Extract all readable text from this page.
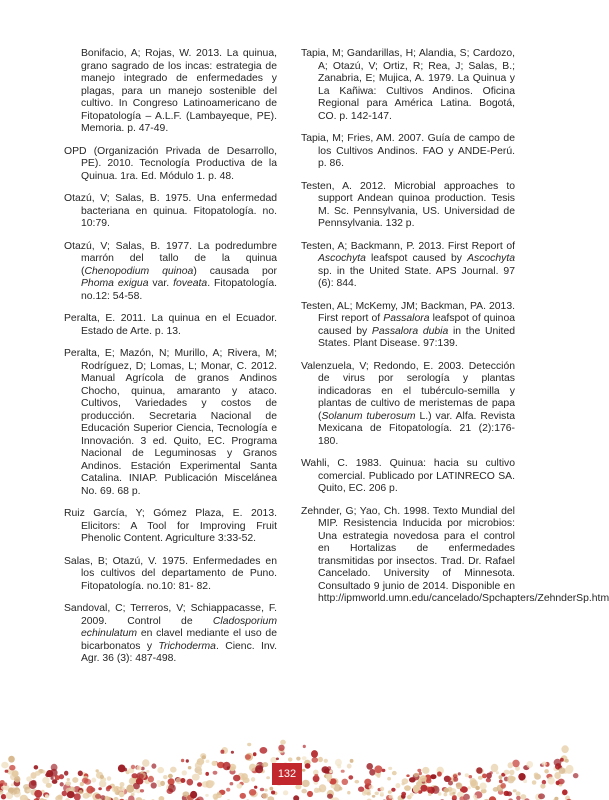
Bonifacio, A; Rojas, W. 2013. La quinua, grano sagrado de los incas: estrategia de manejo integrado de enfermedades y plagas, para un manejo sostenible del cultivo. In Congreso Latinoamericano de Fitopatología – A.L.F. (Lambayeque, PE). Memoria. p. 47-49.

OPD (Organización Privada de Desarrollo, PE). 2010. Tecnología Productiva de la Quinua. 1ra. Ed. Módulo 1. p. 48.

Otazú, V; Salas, B. 1975. Una enfermedad bacteriana en quinua. Fitopatología. no. 10:79.

Otazú, V; Salas, B. 1977. La podredumbre marrón del tallo de la quinua (Chenopodium quinoa) causada por Phoma exigua var. foveata. Fitopatología. no.12: 54-58.

Peralta, E. 2011. La quinua en el Ecuador. Estado de Arte. p. 13.

Peralta, E; Mazón, N; Murillo, A; Rivera, M; Rodríguez, D; Lomas, L; Monar, C. 2012. Manual Agrícola de granos Andinos Chocho, quinua, amaranto y ataco. Cultivos, Variedades y costos de producción. Secretaria Nacional de Educación Superior Ciencia, Tecnología e Innovación. 3 ed. Quito, EC. Programa Nacional de Leguminosas y Granos Andinos. Estación Experimental Santa Catalina. INIAP. Publicación Miscelánea No. 69. 68 p.

Ruiz García, Y; Gómez Plaza, E. 2013. Elicitors: A Tool for Improving Fruit Phenolic Content. Agriculture 3:33-52.

Salas, B; Otazú, V. 1975. Enfermedades en los cultivos del departamento de Puno. Fitopatología. no.10: 81- 82.

Sandoval, C; Terreros, V; Schiappacasse, F. 2009. Control de Cladosporium echinulatum en clavel mediante el uso de bicarbonatos y Trichoderma. Cienc. Inv. Agr. 36 (3): 487-498.

Tapia, M; Gandarillas, H; Alandia, S; Cardozo, A; Otazú, V; Ortiz, R; Rea, J; Salas, B.; Zanabria, E; Mujica, A. 1979. La Quinua y La Kañiwa: Cultivos Andinos. Oficina Regional para América Latina. Bogotá, CO. p. 142-147.

Tapia, M; Fries, AM. 2007. Guía de campo de los Cultivos Andinos. FAO y ANDE-Perú. p. 86.

Testen, A. 2012. Microbial approaches to support Andean quinoa production. Tesis M. Sc. Pennsylvania, US. Universidad de Pennsylvania. 132 p.

Testen, A; Backmann, P. 2013. First Report of Ascochyta leafspot caused by Ascochyta sp. in the United State. APS Journal. 97 (6): 844.

Testen, AL; McKemy, JM; Backman, PA. 2013. First report of Passalora leafspot of quinoa caused by Passalora dubia in the United States. Plant Disease. 97:139.

Valenzuela, V; Redondo, E. 2003. Detección de virus por serología y plantas indicadoras en el tubérculo-semilla y plantas de cultivo de meristemas de papa (Solanum tuberosum L.) var. Alfa. Revista Mexicana de Fitopatología. 21 (2):176-180.

Wahli, C. 1983. Quinua: hacia su cultivo comercial. Publicado por LATINRECO SA. Quito, EC. 206 p.

Zehnder, G; Yao, Ch. 1998. Texto Mundial del MIP. Resistencia Inducida por microbios: Una estrategia novedosa para el control en Hortalizas de enfermedades transmitidas por insectos. Trad. Dr. Rafael Cancelado. University of Minnesota. Consultado 9 junio de 2014. Disponible en http://ipmworld.umn.edu/cancelado/Spchapters/ZehnderSp.htm

132
